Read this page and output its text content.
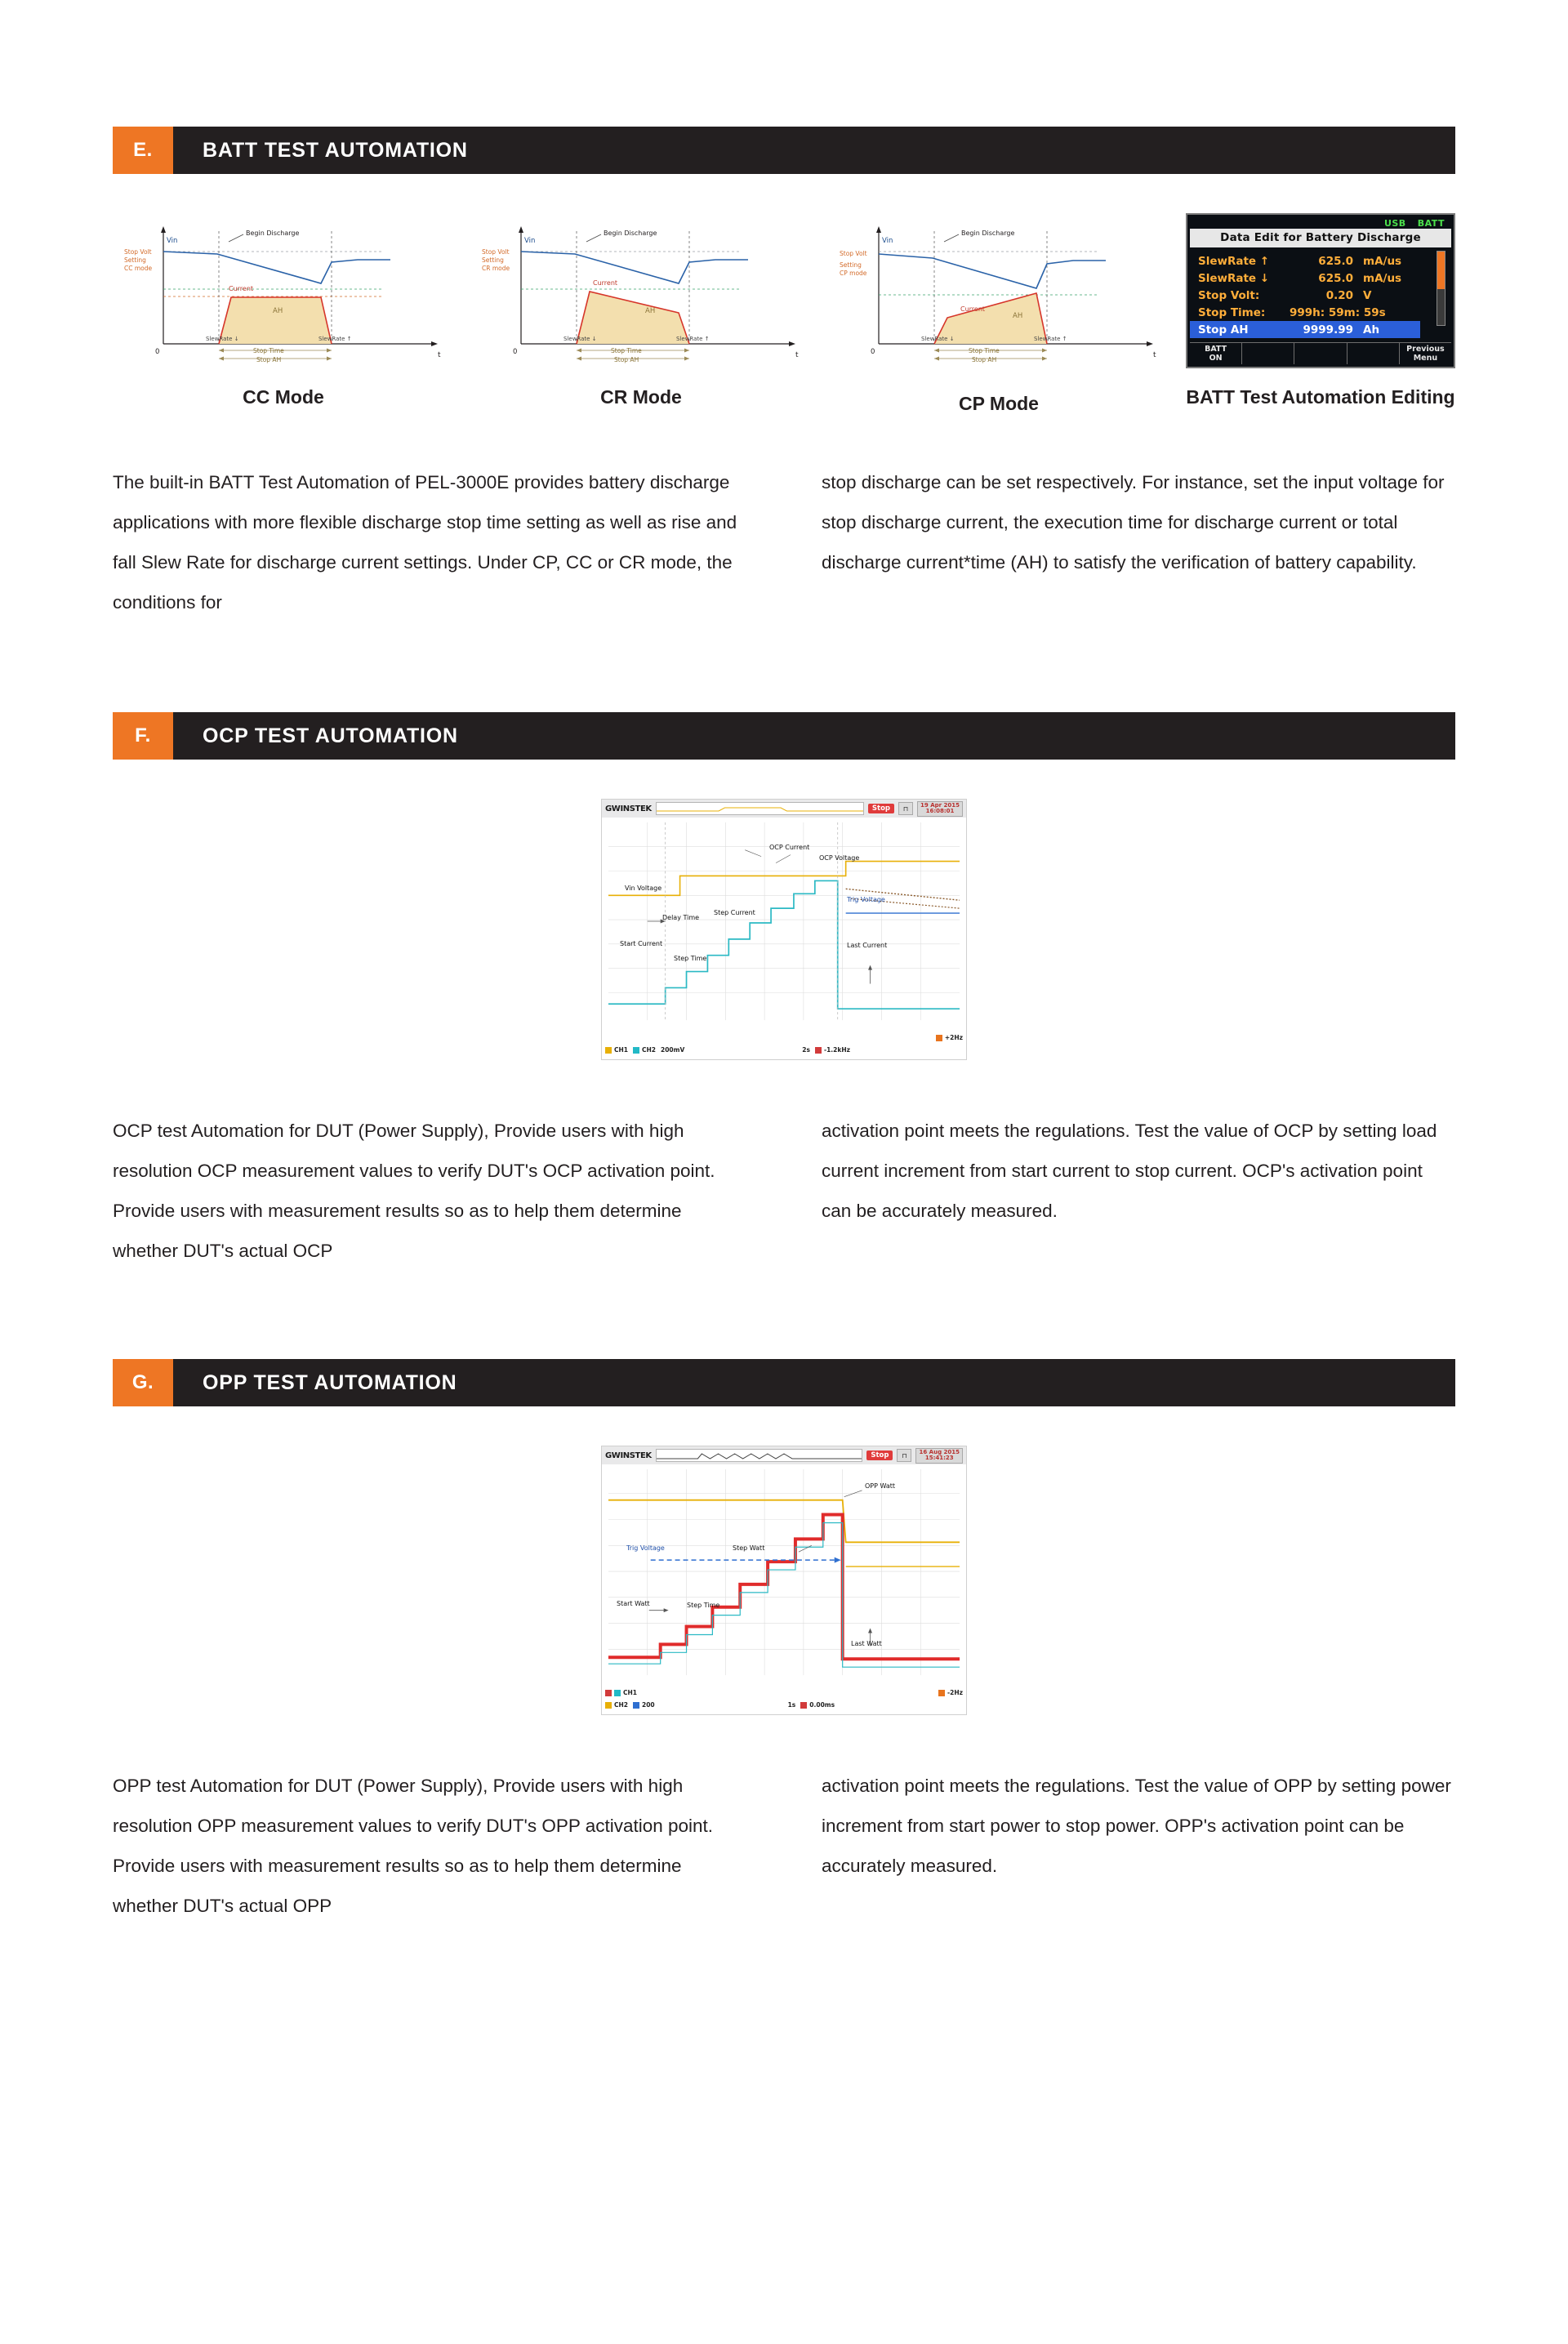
E.	BATT TEST AUTOMATION
Vin
Begin Discharge
Stop Volt
Setting
CC mode
Current
AH
0	t
SlewRate ↓	SlewRate ↑
Stop Time
Stop AH
CC Mode
Vin
Begin Discharge
Stop Volt
Setting
CR mode
Current
AH
0	t
SlewRate ↓	SlewRate ↑
Stop Time
Stop AH
CR Mode
Vin
Begin Discharge
Stop Volt
Setting
CP mode
Current
AH
0	t
SlewRate ↓	SlewRate ↑
Stop Time
Stop AH
CP Mode
USB BATT
Data Edit for Battery Discharge
SlewRate ↑	625.0 mA/us
SlewRate ↓	625.0 mA/us
Stop Volt:	0.20 V
Stop Time:	999h: 59m: 59s
Stop AH	9999.99 Ah
BATT
ON
Previous
Menu
BATT Test Automation Editing
The built-in BATT Test Automation of PEL-3000E provides battery discharge applications with more flexible discharge stop time setting as well as rise and fall Slew Rate for discharge current settings. Under CP, CC or CR mode, the conditions for
stop discharge can be set respectively. For instance, set the input voltage for stop discharge current, the execution time for discharge current or total discharge current*time (AH) to satisfy the verification of battery capability.
F.	OCP TEST AUTOMATION
GWINSTEK	Stop	⊓	19 Apr 2015
16:08:01
OCP Current
OCP Voltage
Vin Voltage
Delay Time
Step Current
Trig Voltage
Start Current
Step Time
Last Current
+2Hz
CH1 CH2 200mV	2s -1.2kHz
OCP test Automation for DUT (Power Supply), Provide users with high resolution OCP measurement values to verify DUT's OCP activation point. Provide users with measurement results so as to help them determine whether DUT's actual OCP
activation point meets the regulations. Test the value of OCP by setting load current increment from start current to stop current. OCP's activation point can be accurately measured.
G.	OPP TEST AUTOMATION
GWINSTEK	Stop	⊓	16 Aug 2015
15:41:23
OPP Watt
Trig Voltage	Step Watt
Start Watt	Step Time
Last Watt
CH1	-2Hz
CH2 200	1s 0.00ms
OPP test Automation for DUT (Power Supply), Provide users with high resolution OPP measurement values to verify DUT's OPP activation point. Provide users with measurement results so as to help them determine whether DUT's actual OPP
activation point meets the regulations. Test the value of OPP by setting power increment from start power to stop power. OPP's activation point can be accurately measured.
